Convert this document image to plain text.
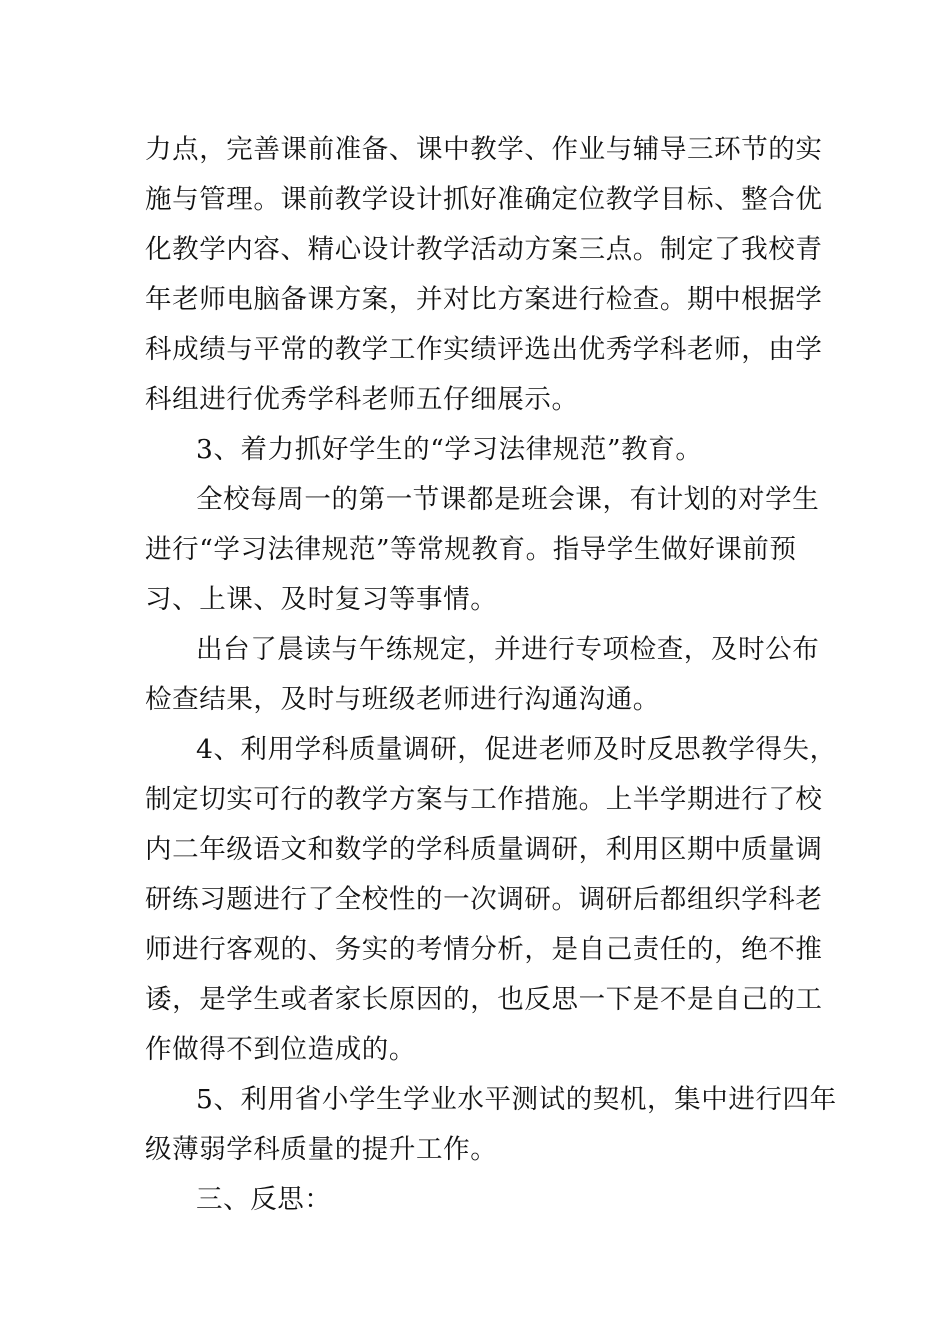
力点，完善课前准备、课中教学、作业与辅导三环节的实
施与管理。课前教学设计抓好准确定位教学目标、整合优
化教学内容、精心设计教学活动方案三点。制定了我校青
年老师电脑备课方案，并对比方案进行检查。期中根据学
科成绩与平常的教学工作实绩评选出优秀学科老师，由学
科组进行优秀学科老师五仔细展示。
3、着力抓好学生的“学习法律规范”教育。
全校每周一的第一节课都是班会课，有计划的对学生
进行“学习法律规范”等常规教育。指导学生做好课前预
习、上课、及时复习等事情。
出台了晨读与午练规定，并进行专项检查，及时公布
检查结果，及时与班级老师进行沟通沟通。
4、利用学科质量调研，促进老师及时反思教学得失，
制定切实可行的教学方案与工作措施。上半学期进行了校
内二年级语文和数学的学科质量调研，利用区期中质量调
研练习题进行了全校性的一次调研。调研后都组织学科老
师进行客观的、务实的考情分析，是自己责任的，绝不推
诿，是学生或者家长原因的，也反思一下是不是自己的工
作做得不到位造成的。
5、利用省小学生学业水平测试的契机，集中进行四年
级薄弱学科质量的提升工作。
三、反思：
